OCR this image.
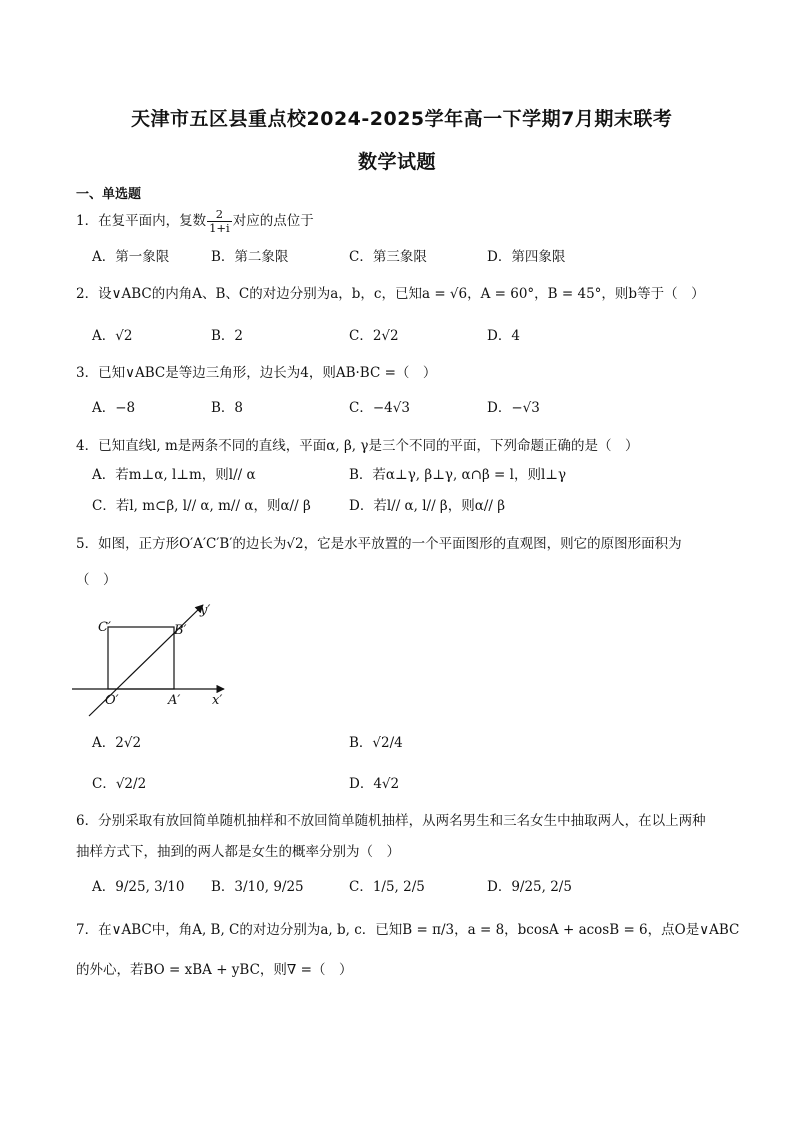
天津市五区县重点校2024-2025学年高一下学期7月期末联考
数学试题
一、单选题
1．在复平面内，复数 $\frac{2}{1+i}$ 对应的点位于
A．第一象限	B．第二象限	C．第三象限	D．第四象限
2．设∨ABC的内角A、B、C的对边分别为a，b，c，已知a = √6，A = 60°，B = 45°，则b等于（　）
A．√2	B．2	C．2√2	D．4
3．已知∨ABC是等边三角形，边长为4，则AB·BC =（　）
A．−8	B．8	C．−4√3	D．−√3
4．已知直线l, m是两条不同的直线，平面α, β, γ是三个不同的平面，下列命题正确的是（　）
A．若m⊥α, l⊥m，则l// α	B．若α⊥γ, β⊥γ, α∩β = l，则l⊥γ
C．若l, m⊂β, l// α, m// α，则α// β	D．若l// α, l// β，则α// β
5．如图，正方形O′A′C′B′的边长为√2，它是水平放置的一个平面图形的直观图，则它的原图形面积为
（　）
C′	B′
O′	A′ x′
y′
A．2√2	B．√2/4
C．√2/2	D．4√2
6．分别采取有放回简单随机抽样和不放回简单随机抽样，从两名男生和三名女生中抽取两人，在以上两种
抽样方式下，抽到的两人都是女生的概率分别为（　）
A．9/25, 3/10 B．3/10, 9/25	C．1/5, 2/5	D．9/25, 2/5
7．在∨ABC中，角A, B, C的对边分别为a, b, c．已知B = π/3，a = 8，bcosA + acosB = 6，点O是∨ABC
的外心，若BO = xBA + yBC，则∇ =（　）
